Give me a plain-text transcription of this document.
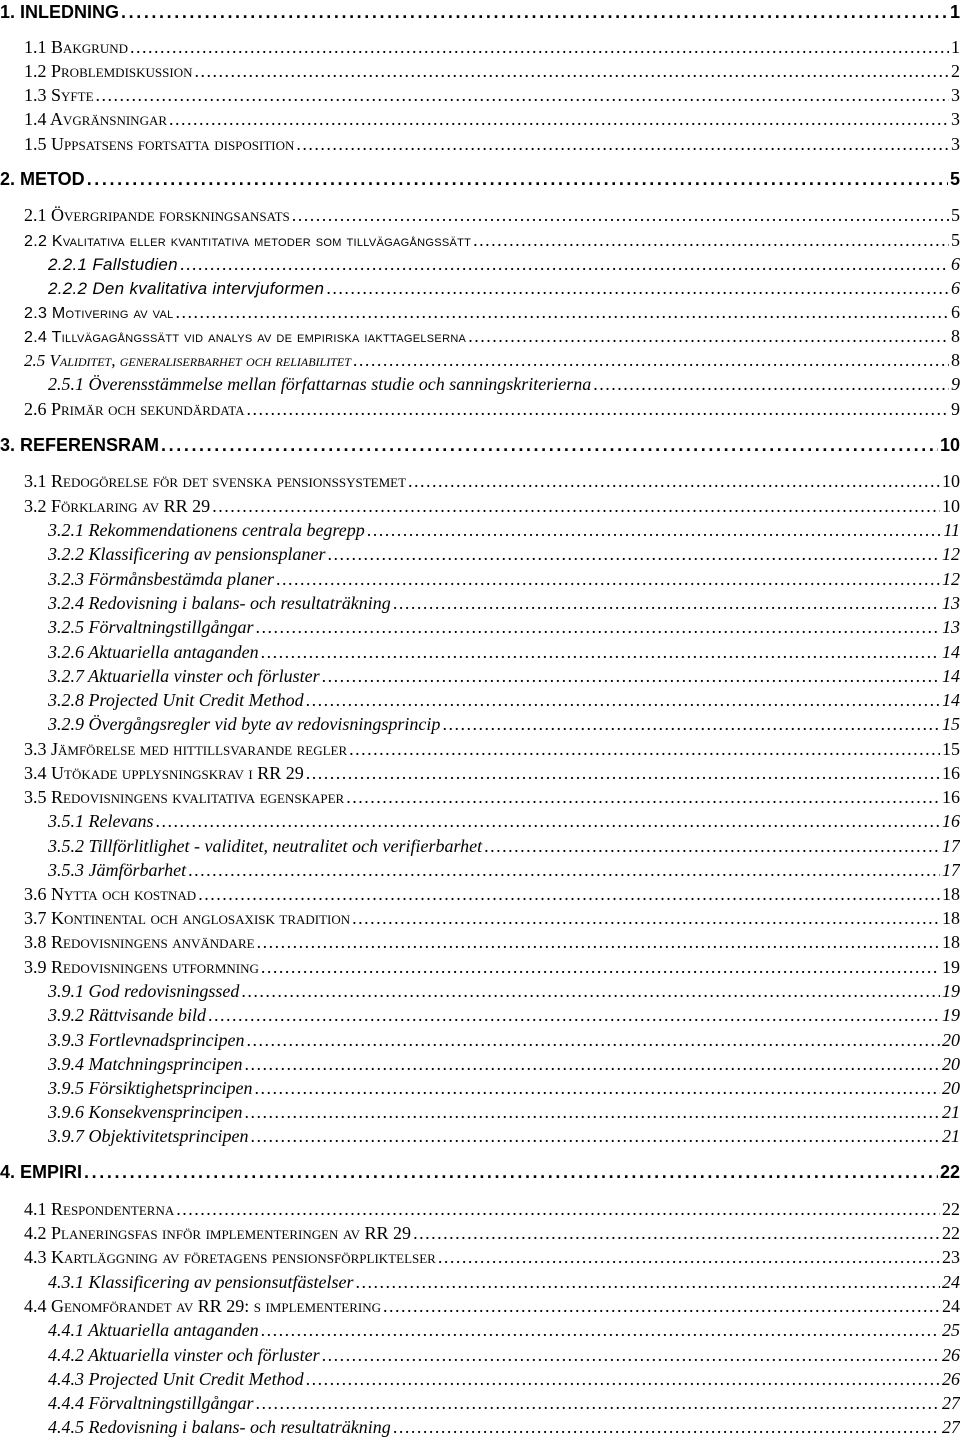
1. INLEDNING . . .	1
1.1 Bakgrund . . .	1
1.2 Problemdiskussion . . .	2
1.3 Syfte . . .	3
1.4 Avgränsningar . . .	3
1.5 Uppsatsens fortsatta disposition . . .	3
2. METOD . . .	5
2.1 Övergripande forskningsansats . . .	5
2.2 Kvalitativa eller kvantitativa metoder som tillvägagångssätt . . .	5
2.2.1 Fallstudien . . .	6
2.2.2 Den kvalitativa intervjuformen . . .	6
2.3 Motivering av val . . .	6
2.4 Tillvägagångssätt vid analys av de empiriska iakttagelserna . . .	8
2.5 Validitet, generaliserbarhet och reliabilitet . . .	8
2.5.1 Överensstämmelse mellan författarnas studie och sanningskriterierna . . .	9
2.6 Primär och sekundärdata . . .	9
3. REFERENSRAM . . .	10
3.1 Redogörelse för det svenska pensionssystemet . . .	10
3.2 Förklaring av RR 29 . . .	10
3.2.1 Rekommendationens centrala begrepp . . .	11
3.2.2 Klassificering av pensionsplaner . . .	12
3.2.3 Förmånsbestämda planer . . .	12
3.2.4 Redovisning i balans- och resultaträkning . . .	13
3.2.5 Förvaltningstillgångar . . .	13
3.2.6 Aktuariella antaganden . . .	14
3.2.7 Aktuariella vinster och förluster . . .	14
3.2.8 Projected Unit Credit Method . . .	14
3.2.9 Övergångsregler vid byte av redovisningsprincip . . .	15
3.3 Jämförelse med hittillsvarande regler . . .	15
3.4 Utökade upplysningskrav i RR 29 . . .	16
3.5 Redovisningens kvalitativa egenskaper . . .	16
3.5.1 Relevans . . .	16
3.5.2 Tillförlitlighet - validitet, neutralitet och verifierbarhet . . .	17
3.5.3 Jämförbarhet . . .	17
3.6 Nytta och kostnad . . .	18
3.7 Kontinental och anglosaxisk tradition . . .	18
3.8 Redovisningens användare . . .	18
3.9 Redovisningens utformning . . .	19
3.9.1 God redovisningssed . . .	19
3.9.2 Rättvisande bild . . .	19
3.9.3 Fortlevnadsprincipen . . .	20
3.9.4 Matchningsprincipen . . .	20
3.9.5 Försiktighetsprincipen . . .	20
3.9.6 Konsekvensprincipen . . .	21
3.9.7 Objektivitetsprincipen . . .	21
4. EMPIRI . . .	22
4.1 Respondenterna . . .	22
4.2 Planeringsfas inför implementeringen av RR 29 . . .	22
4.3 Kartläggning av företagens pensionsförpliktelser . . .	23
4.3.1 Klassificering av pensionsutfästelser . . .	24
4.4 Genomförandet av RR 29: s implementering . . .	24
4.4.1 Aktuariella antaganden . . .	25
4.4.2 Aktuariella vinster och förluster . . .	26
4.4.3 Projected Unit Credit Method . . .	26
4.4.4 Förvaltningstillgångar . . .	27
4.4.5 Redovisning i balans- och resultaträkning . . .	27
